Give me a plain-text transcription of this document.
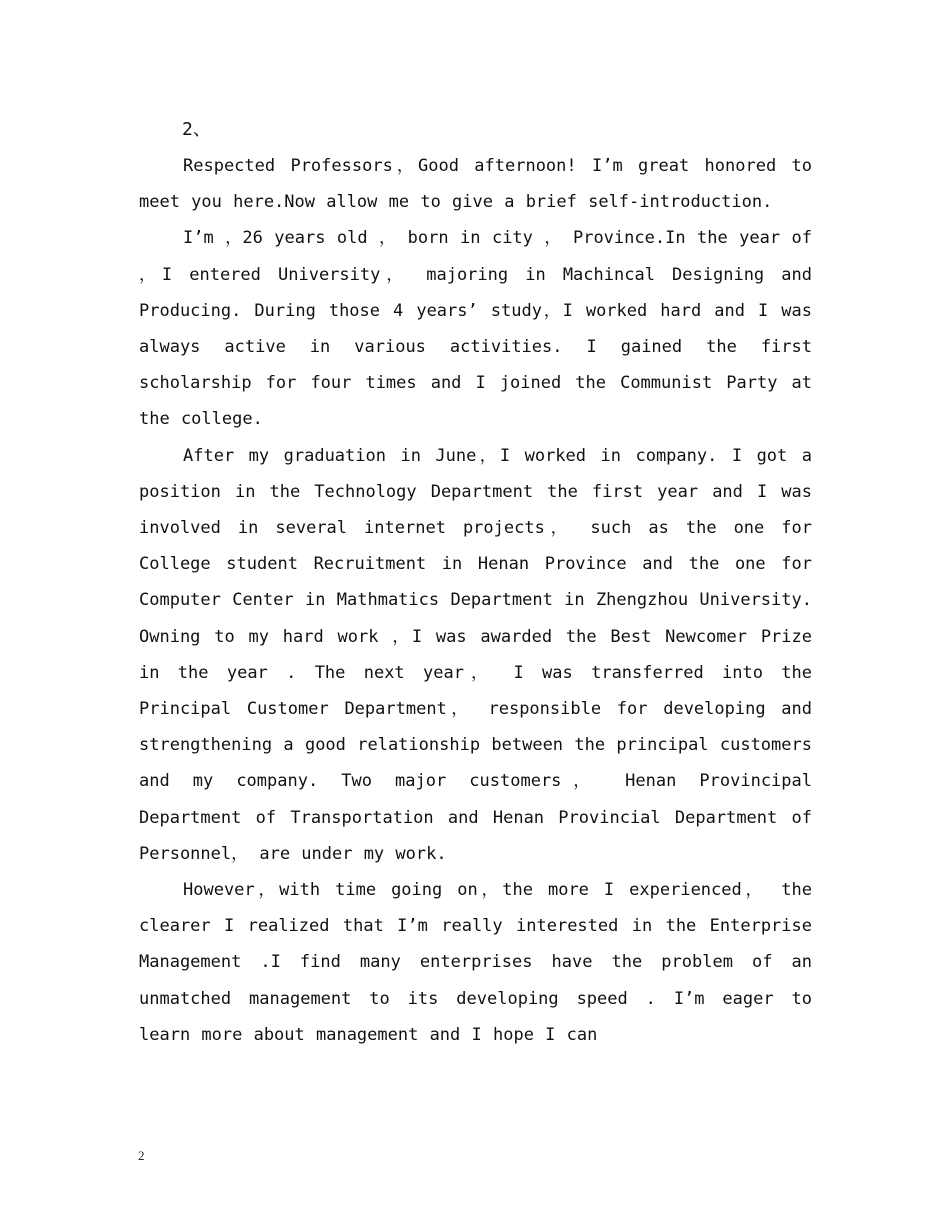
2、

Respected Professors，Good afternoon! I’m great honored to meet you here.Now allow me to give a brief self-introduction.

I’m ，26 years old ， born in city ， Province.In the year of ，I entered University， majoring in Machincal Designing and Producing. During those 4 years’ study，I worked hard and I was always active in various activities. I gained the first scholarship for four times and I joined the Communist Party at the college.

After my graduation in June，I worked in company. I got a position in the Technology Department the first year and I was involved in several internet projects， such as the one for College student Recruitment in Henan Province and the one for Computer Center in Mathmatics Department in Zhengzhou University. Owning to my hard work ，I was awarded the Best Newcomer Prize in the year . The next year， I was transferred into the Principal Customer Department， responsible for developing and strengthening a good relationship between the principal customers and my company. Two major customers， Henan Provincipal Department of Transportation and Henan Provincial Department of Personnel， are under my work.

However，with time going on，the more I experienced， the clearer I realized that I’m really interested in the Enterprise Management .I find many enterprises have the problem of an unmatched management to its developing speed . I’m eager to learn more about management and I hope I can

2
